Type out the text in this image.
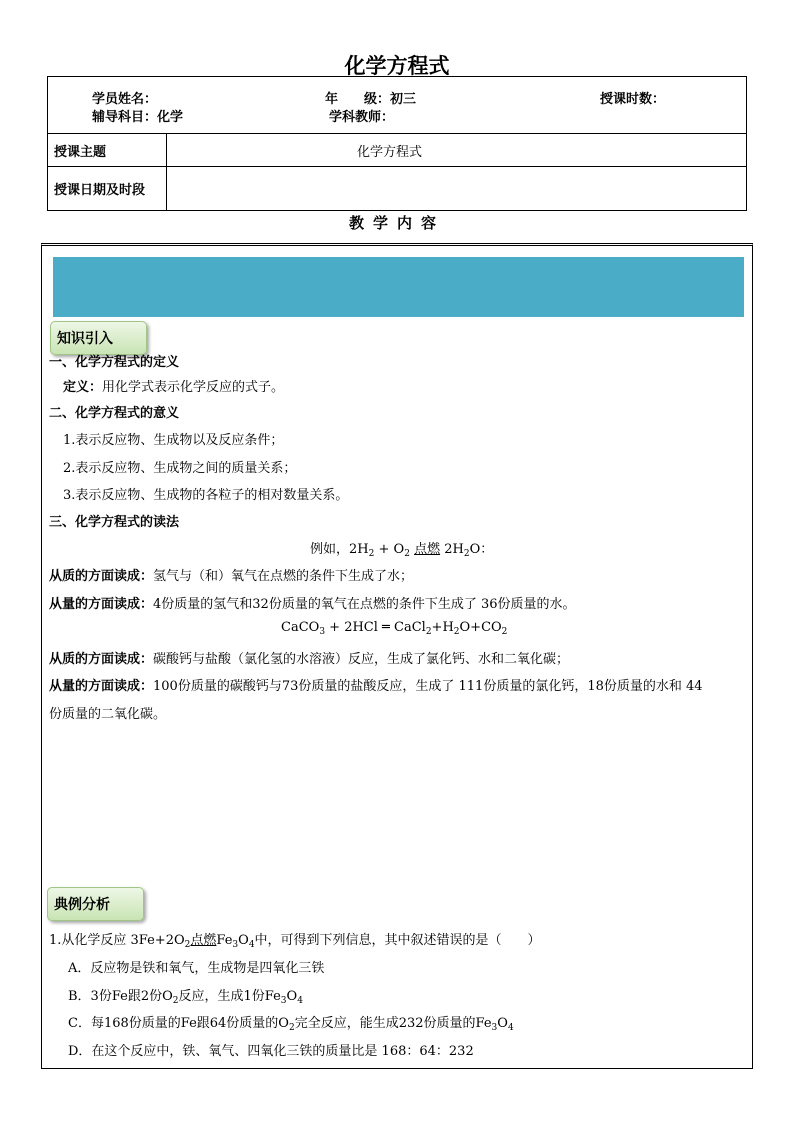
化学方程式
学员姓名： 年　　级：初三 授课时数：
辅导科目：化学 学科教师：	

授课主题	化学方程式
授课日期及时段	
教学内容
知识引入
一、化学方程式的定义
定义：用化学式表示化学反应的式子。
二、化学方程式的意义
1.表示反应物、生成物以及反应条件；
2.表示反应物、生成物之间的质量关系；
3.表示反应物、生成物的各粒子的相对数量关系。
三、化学方程式的读法
例如，$2H_2 + O_2$ 点燃 $2H_2O$：
从质的方面读成：氢气与（和）氧气在点燃的条件下生成了水；
从量的方面读成：4份质量的氢气和32份质量的氧气在点燃的条件下生成了 36份质量的水。
CaCO$_3$ + 2HCl ═ $CaCl_2+H_2O+CO_2$
从质的方面读成：碳酸钙与盐酸（氯化氢的水溶液）反应，生成了氯化钙、水和二氧化碳；
从量的方面读成：100份质量的碳酸钙与73份质量的盐酸反应，生成了 111份质量的氯化钙，18份质量的水和 44
份质量的二氧化碳。
典例分析
1.从化学反应 $3Fe+2O_2$点燃$Fe_3O_4$中，可得到下列信息，其中叙述错误的是（　　）
A．反应物是铁和氧气，生成物是四氧化三铁
B．3份Fe跟2份$O_2$反应，生成1份$Fe_3O_4$
C．每168份质量的Fe跟64份质量的$O_2$完全反应，能生成232份质量的$Fe_3O_4$
D．在这个反应中，铁、氧气、四氧化三铁的质量比是 168：64：232
